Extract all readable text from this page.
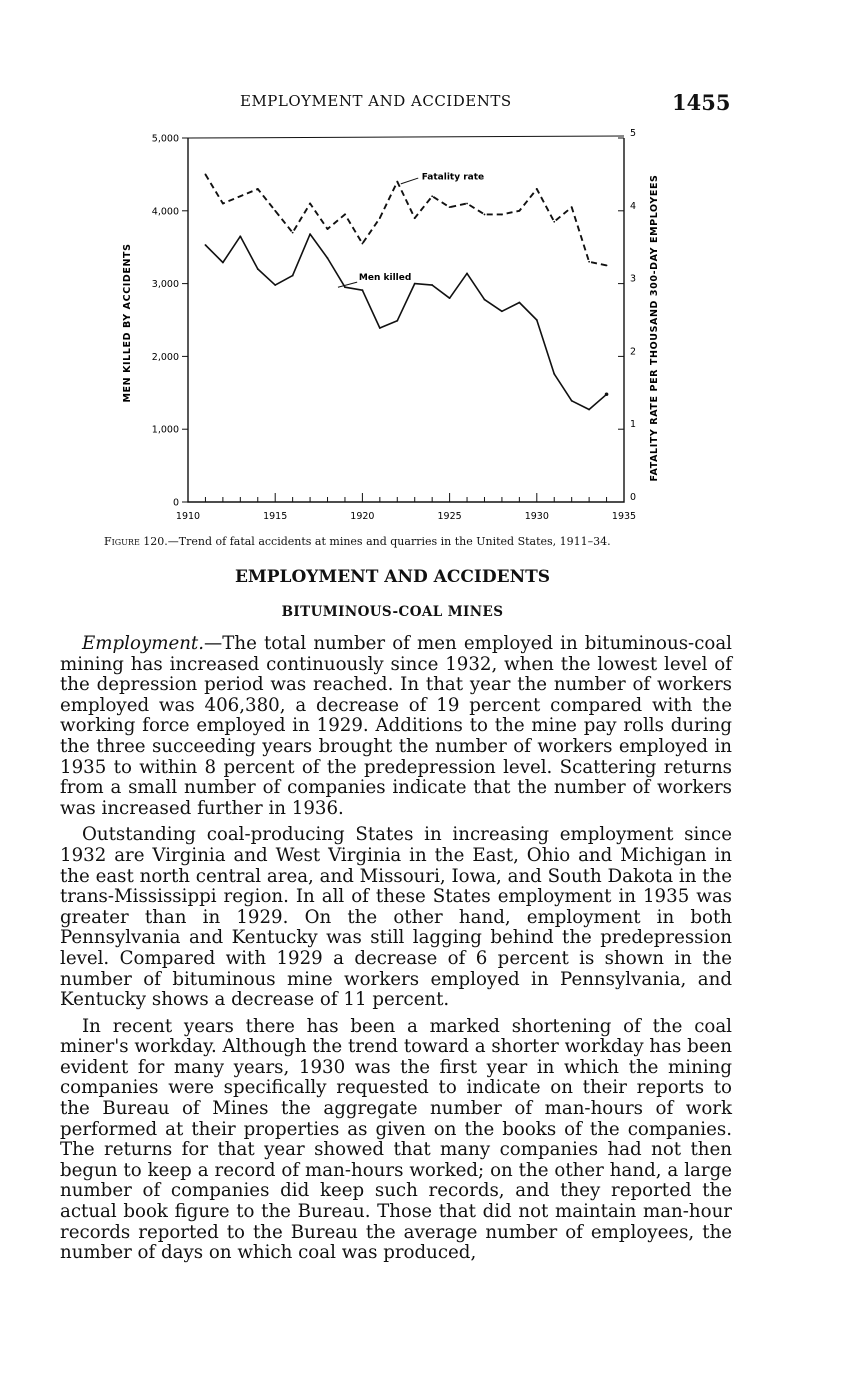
EMPLOYMENT AND ACCIDENTS	1455
0
1,000
2,000
3,000
4,000
5,000
0
1
2
3
4
5
1910	1915	1920	1925	1930	1935
Fatality rate
Men killed
MEN KILLED BY ACCIDENTS	FATALITY RATE PER THOUSAND 300-DAY EMPLOYEES
Figure 120.—Trend of fatal accidents at mines and quarries in the United States, 1911–34.
EMPLOYMENT AND ACCIDENTS
BITUMINOUS-COAL MINES

Employment.—The total number of men employed in bituminous-coal mining has increased continuously since 1932, when the lowest level of the depression period was reached. In that year the number of workers employed was 406,380, a decrease of 19 percent compared with the working force employed in 1929. Additions to the mine pay rolls during the three succeeding years brought the number of workers employed in 1935 to within 8 percent of the predepression level. Scattering returns from a small number of companies indicate that the number of workers was increased further in 1936.

Outstanding coal-producing States in increasing employment since 1932 are Virginia and West Virginia in the East, Ohio and Michigan in the east north central area, and Missouri, Iowa, and South Dakota in the trans-Mississippi region. In all of these States employment in 1935 was greater than in 1929. On the other hand, employment in both Pennsylvania and Kentucky was still lagging behind the predepression level. Compared with 1929 a decrease of 6 percent is shown in the number of bituminous mine workers employed in Pennsylvania, and Kentucky shows a decrease of 11 percent.

In recent years there has been a marked shortening of the coal miner's workday. Although the trend toward a shorter workday has been evident for many years, 1930 was the first year in which the mining companies were specifically requested to indicate on their reports to the Bureau of Mines the aggregate number of man-hours of work performed at their properties as given on the books of the companies. The returns for that year showed that many companies had not then begun to keep a record of man-hours worked; on the other hand, a large number of companies did keep such records, and they reported the actual book figure to the Bureau. Those that did not maintain man-hour records reported to the Bureau the average number of employees, the number of days on which coal was produced,
